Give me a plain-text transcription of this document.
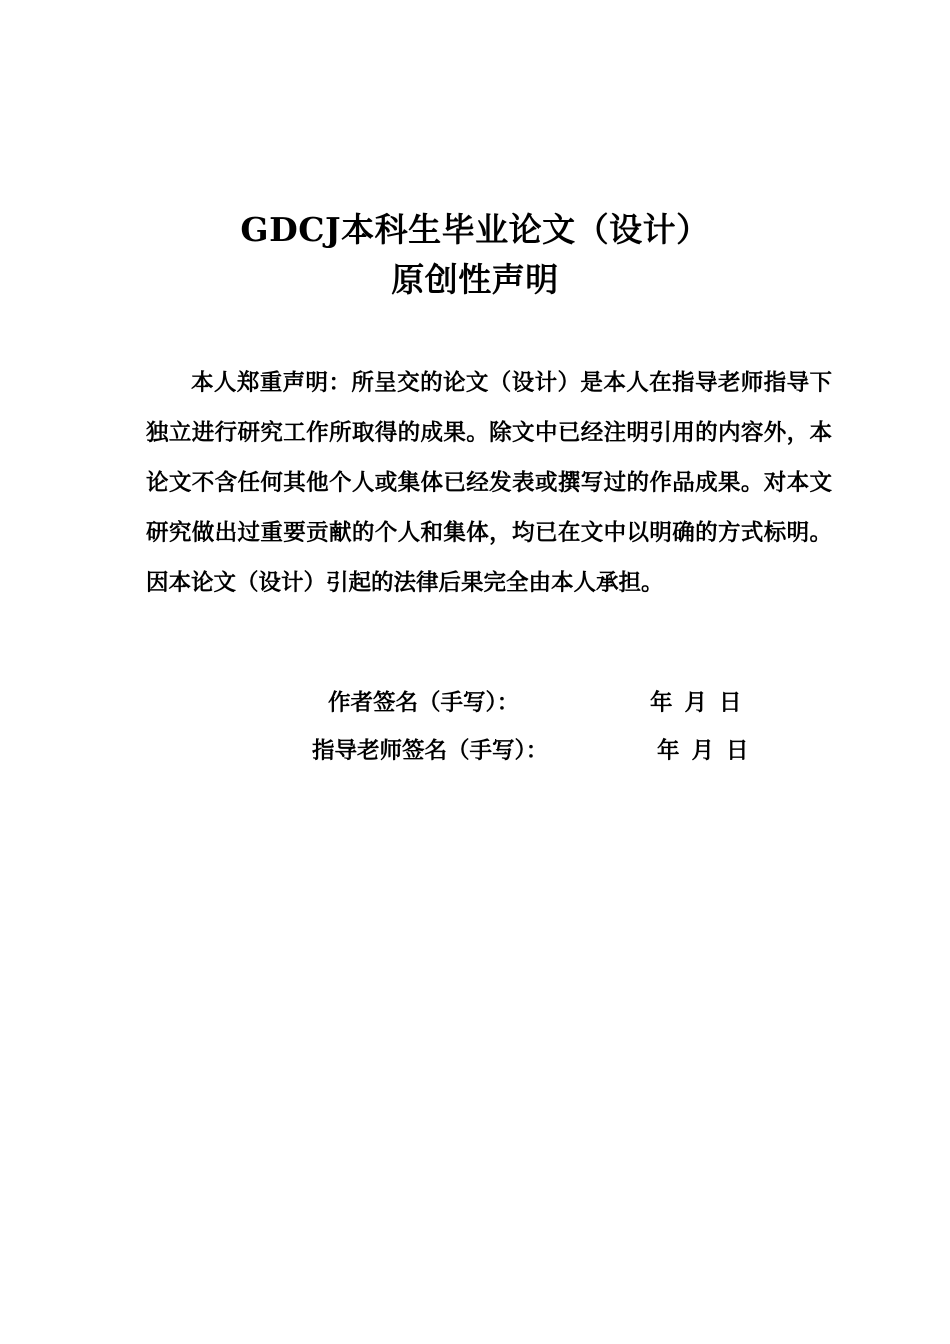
GDCJ本科生毕业论文（设计）
原创性声明
本人郑重声明：所呈交的论文（设计）是本人在指导老师指导下独立进行研究工作所取得的成果。除文中已经注明引用的内容外，本论文不含任何其他个人或集体已经发表或撰写过的作品成果。对本文研究做出过重要贡献的个人和集体，均已在文中以明确的方式标明。因本论文（设计）引起的法律后果完全由本人承担。
作者签名（手写）：	年 月 日
指导老师签名（手写）：	年 月 日
